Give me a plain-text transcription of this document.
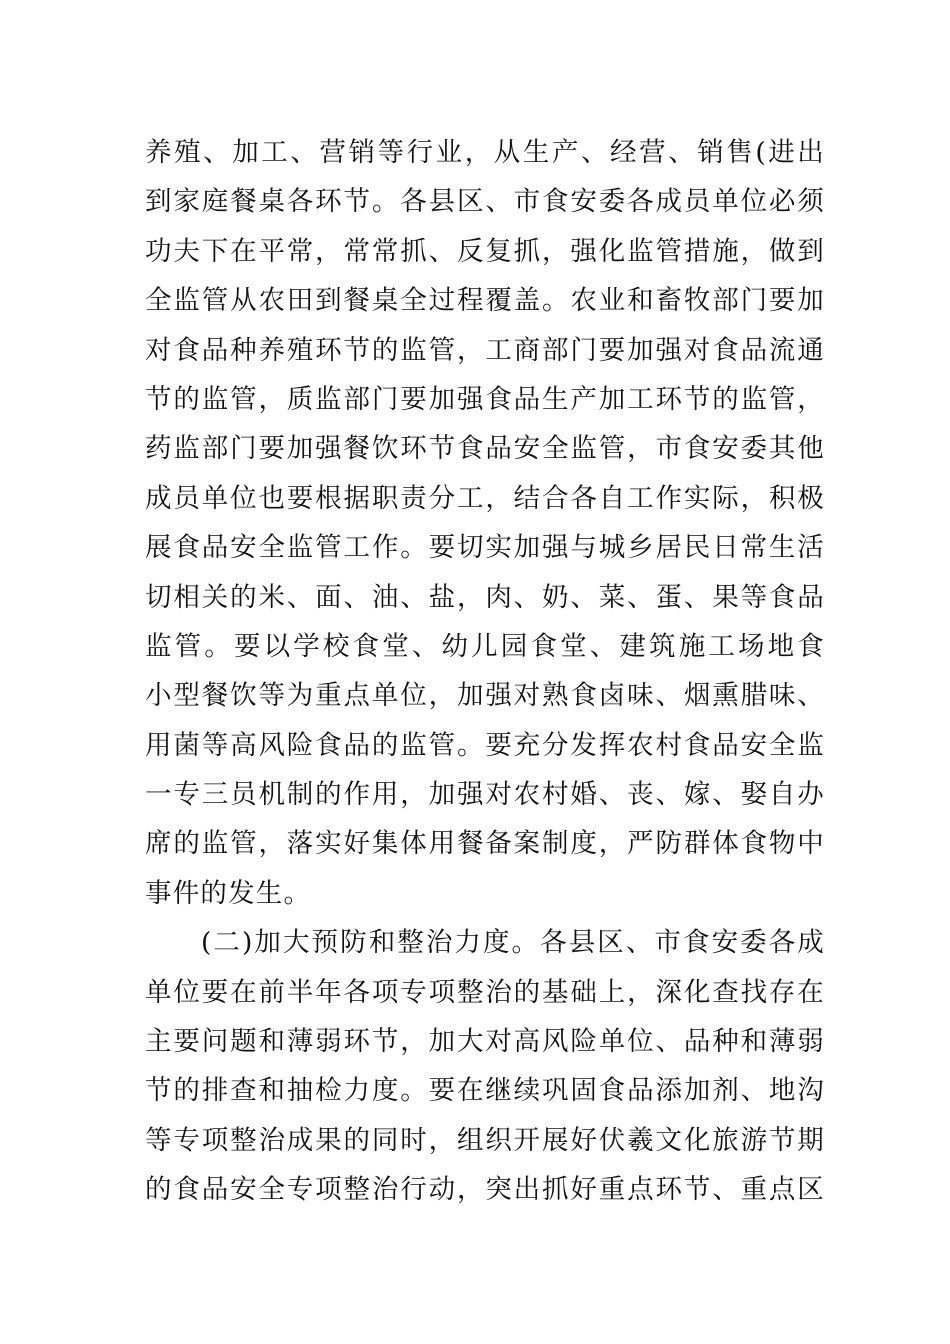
养殖、加工、营销等行业，从生产、经营、销售(进出
到家庭餐桌各环节。各县区、市食安委各成员单位必须
功夫下在平常，常常抓、反复抓，强化监管措施，做到
全监管从农田到餐桌全过程覆盖。农业和畜牧部门要加
对食品种养殖环节的监管，工商部门要加强对食品流通
节的监管，质监部门要加强食品生产加工环节的监管，
药监部门要加强餐饮环节食品安全监管，市食安委其他
成员单位也要根据职责分工，结合各自工作实际，积极
展食品安全监管工作。要切实加强与城乡居民日常生活
切相关的米、面、油、盐，肉、奶、菜、蛋、果等食品
监管。要以学校食堂、幼儿园食堂、建筑施工场地食
小型餐饮等为重点单位，加强对熟食卤味、烟熏腊味、
用菌等高风险食品的监管。要充分发挥农村食品安全监
一专三员机制的作用，加强对农村婚、丧、嫁、娶自办
席的监管，落实好集体用餐备案制度，严防群体食物中
事件的发生。
(二)加大预防和整治力度。各县区、市食安委各成
单位要在前半年各项专项整治的基础上，深化查找存在
主要问题和薄弱环节，加大对高风险单位、品种和薄弱
节的排查和抽检力度。要在继续巩固食品添加剂、地沟
等专项整治成果的同时，组织开展好伏羲文化旅游节期
的食品安全专项整治行动，突出抓好重点环节、重点区
